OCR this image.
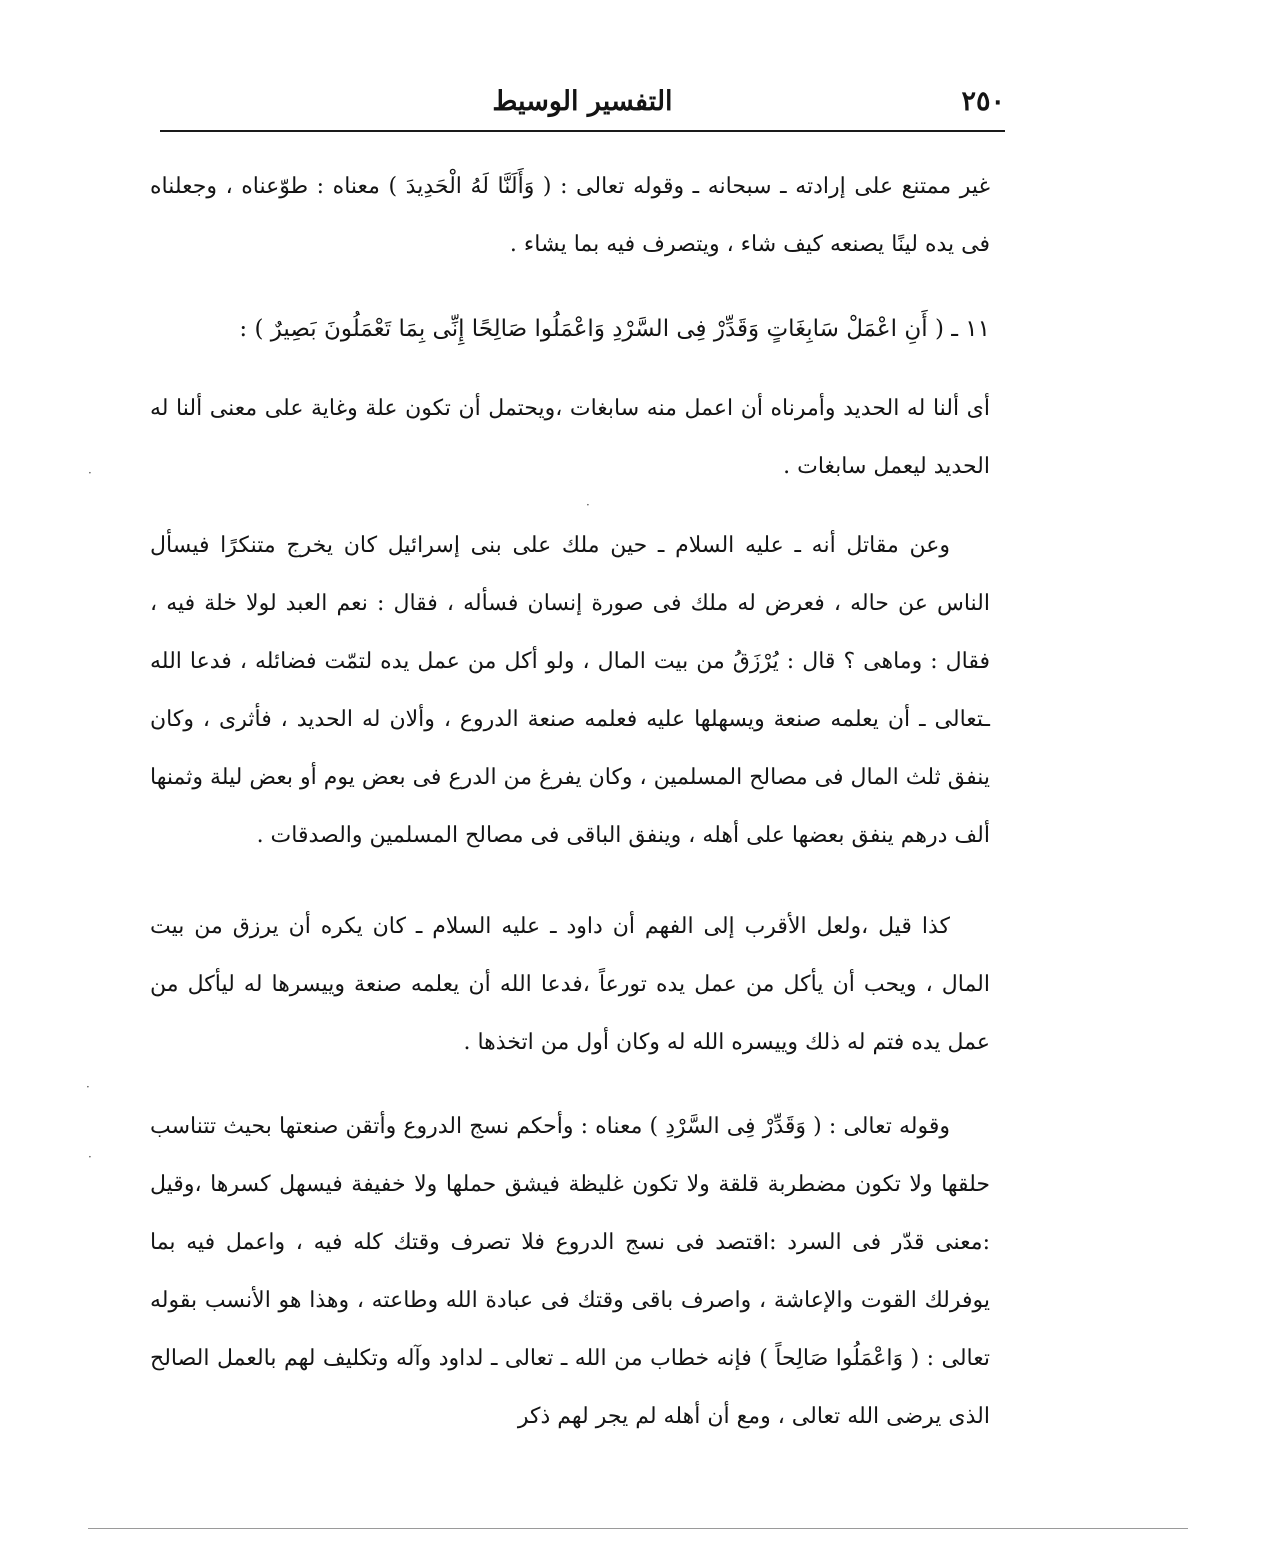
التفسير الوسيط	٢٥٠
غير ممتنع على إرادته ـ سبحانه ـ وقوله تعالى : ( وَأَلَنَّا لَهُ الْحَدِيدَ ) معناه : طوّعناه ، وجعلناه فى يده لينًا يصنعه كيف شاء ، ويتصرف فيه بما يشاء .
١١ ـ ( أَنِ اعْمَلْ سَابِغَاتٍ وَقَدِّرْ فِى السَّرْدِ وَاعْمَلُوا صَالِحًا إِنِّى بِمَا تَعْمَلُونَ بَصِيرٌ ) :
أى ألنا له الحديد وأمرناه أن اعمل منه سابغات ،ويحتمل أن تكون علة وغاية على معنى ألنا له الحديد ليعمل سابغات .
وعن مقاتل أنه ـ عليه السلام ـ حين ملك على بنى إسرائيل كان يخرج متنكرًا فيسأل الناس عن حاله ، فعرض له ملك فى صورة إنسان فسأله ، فقال : نعم العبد لولا خلة فيه ، فقال : وماهى ؟ قال : يُرْزَقُ من بيت المال ، ولو أكل من عمل يده لتمّت فضائله ، فدعا الله ـتعالى ـ أن يعلمه صنعة ويسهلها عليه فعلمه صنعة الدروع ، وألان له الحديد ، فأثرى ، وكان ينفق ثلث المال فى مصالح المسلمين ، وكان يفرغ من الدرع فى بعض يوم أو بعض ليلة وثمنها ألف درهم ينفق بعضها على أهله ، وينفق الباقى فى مصالح المسلمين والصدقات .
كذا قيل ،ولعل الأقرب إلى الفهم أن داود ـ عليه السلام ـ كان يكره أن يرزق من بيت المال ، ويحب أن يأكل من عمل يده تورعاً ،فدعا الله أن يعلمه صنعة وييسرها له ليأكل من عمل يده فتم له ذلك وييسره الله له وكان أول من اتخذها .
وقوله تعالى : ( وَقَدِّرْ فِى السَّرْدِ ) معناه : وأحكم نسج الدروع وأتقن صنعتها بحيث تتناسب حلقها ولا تكون مضطربة قلقة ولا تكون غليظة فيشق حملها ولا خفيفة فيسهل كسرها ،وقيل :معنى قدّر فى السرد :اقتصد فى نسج الدروع فلا تصرف وقتك كله فيه ، واعمل فيه بما يوفرلك القوت والإعاشة ، واصرف باقى وقتك فى عبادة الله وطاعته ، وهذا هو الأنسب بقوله تعالى : ( وَاعْمَلُوا صَالِحاً ) فإنه خطاب من الله ـ تعالى ـ لداود وآله وتكليف لهم بالعمل الصالح الذى يرضى الله تعالى ، ومع أن أهله لم يجر لهم ذكر
·
·
·
·
